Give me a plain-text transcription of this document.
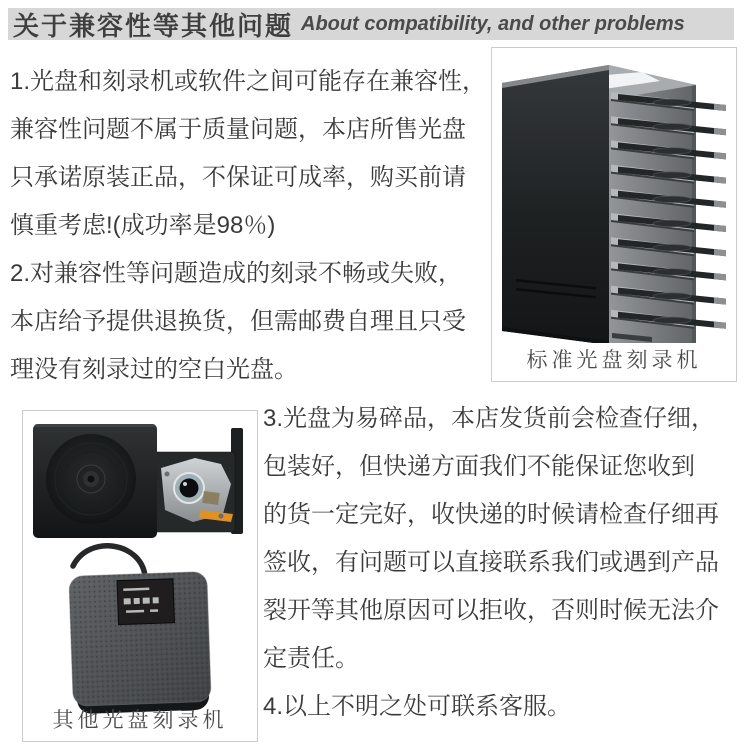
关于兼容性等其他问题 About compatibility, and other problems
1.光盘和刻录机或软件之间可能存在兼容性，
兼容性问题不属于质量问题，本店所售光盘
只承诺原装正品，不保证可成率，购买前请
慎重考虑!(成功率是98％)
2.对兼容性等问题造成的刻录不畅或失败，
本店给予提供退换货，但需邮费自理且只受
理没有刻录过的空白光盘。	标准光盘刻录机
其他光盘刻录机
3.光盘为易碎品，本店发货前会检查仔细，
包装好，但快递方面我们不能保证您收到
的货一定完好，收快递的时候请检查仔细再
签收，有问题可以直接联系我们或遇到产品
裂开等其他原因可以拒收，否则时候无法介
定责任。
4.以上不明之处可联系客服。
